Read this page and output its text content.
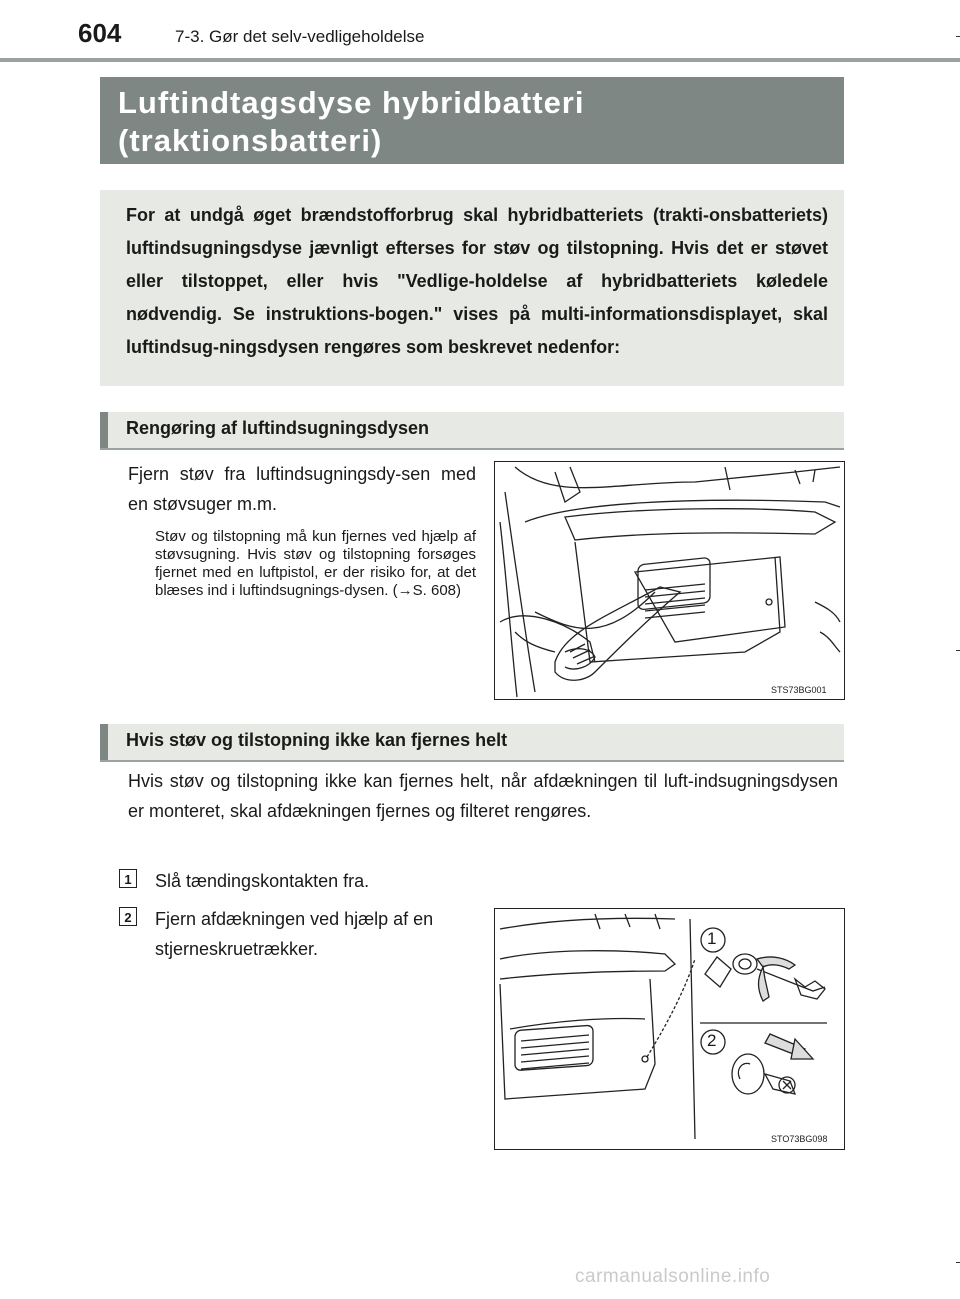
604	7-3. Gør det selv-vedligeholdelse
Luftindtagsdyse hybridbatteri
(traktionsbatteri)
For at undgå øget brændstofforbrug skal hybridbatteriets (trakti-onsbatteriets) luftindsugningsdyse jævnligt efterses for støv og tilstopning. Hvis det er støvet eller tilstoppet, eller hvis "Vedlige-holdelse af hybridbatteriets køledele nødvendig. Se instruktions-bogen." vises på multi-informationsdisplayet, skal luftindsug-ningsdysen rengøres som beskrevet nedenfor:
Rengøring af luftindsugningsdysen
Fjern støv fra luftindsugningsdy-sen med en støvsuger m.m.
Støv og tilstopning må kun fjernes ved hjælp af støvsugning. Hvis støv og tilstopning forsøges fjernet med en luftpistol, er der risiko for, at det blæses ind i luftindsugnings-dysen. (→S. 608)
STS73BG001
Hvis støv og tilstopning ikke kan fjernes helt
Hvis støv og tilstopning ikke kan fjernes helt, når afdækningen til luft-indsugningsdysen er monteret, skal afdækningen fjernes og filteret rengøres.
1 Slå tændingskontakten fra.
2 Fjern afdækningen ved hjælp af en stjerneskruetrækker.
1
2
STO73BG098
carmanualsonline.info
